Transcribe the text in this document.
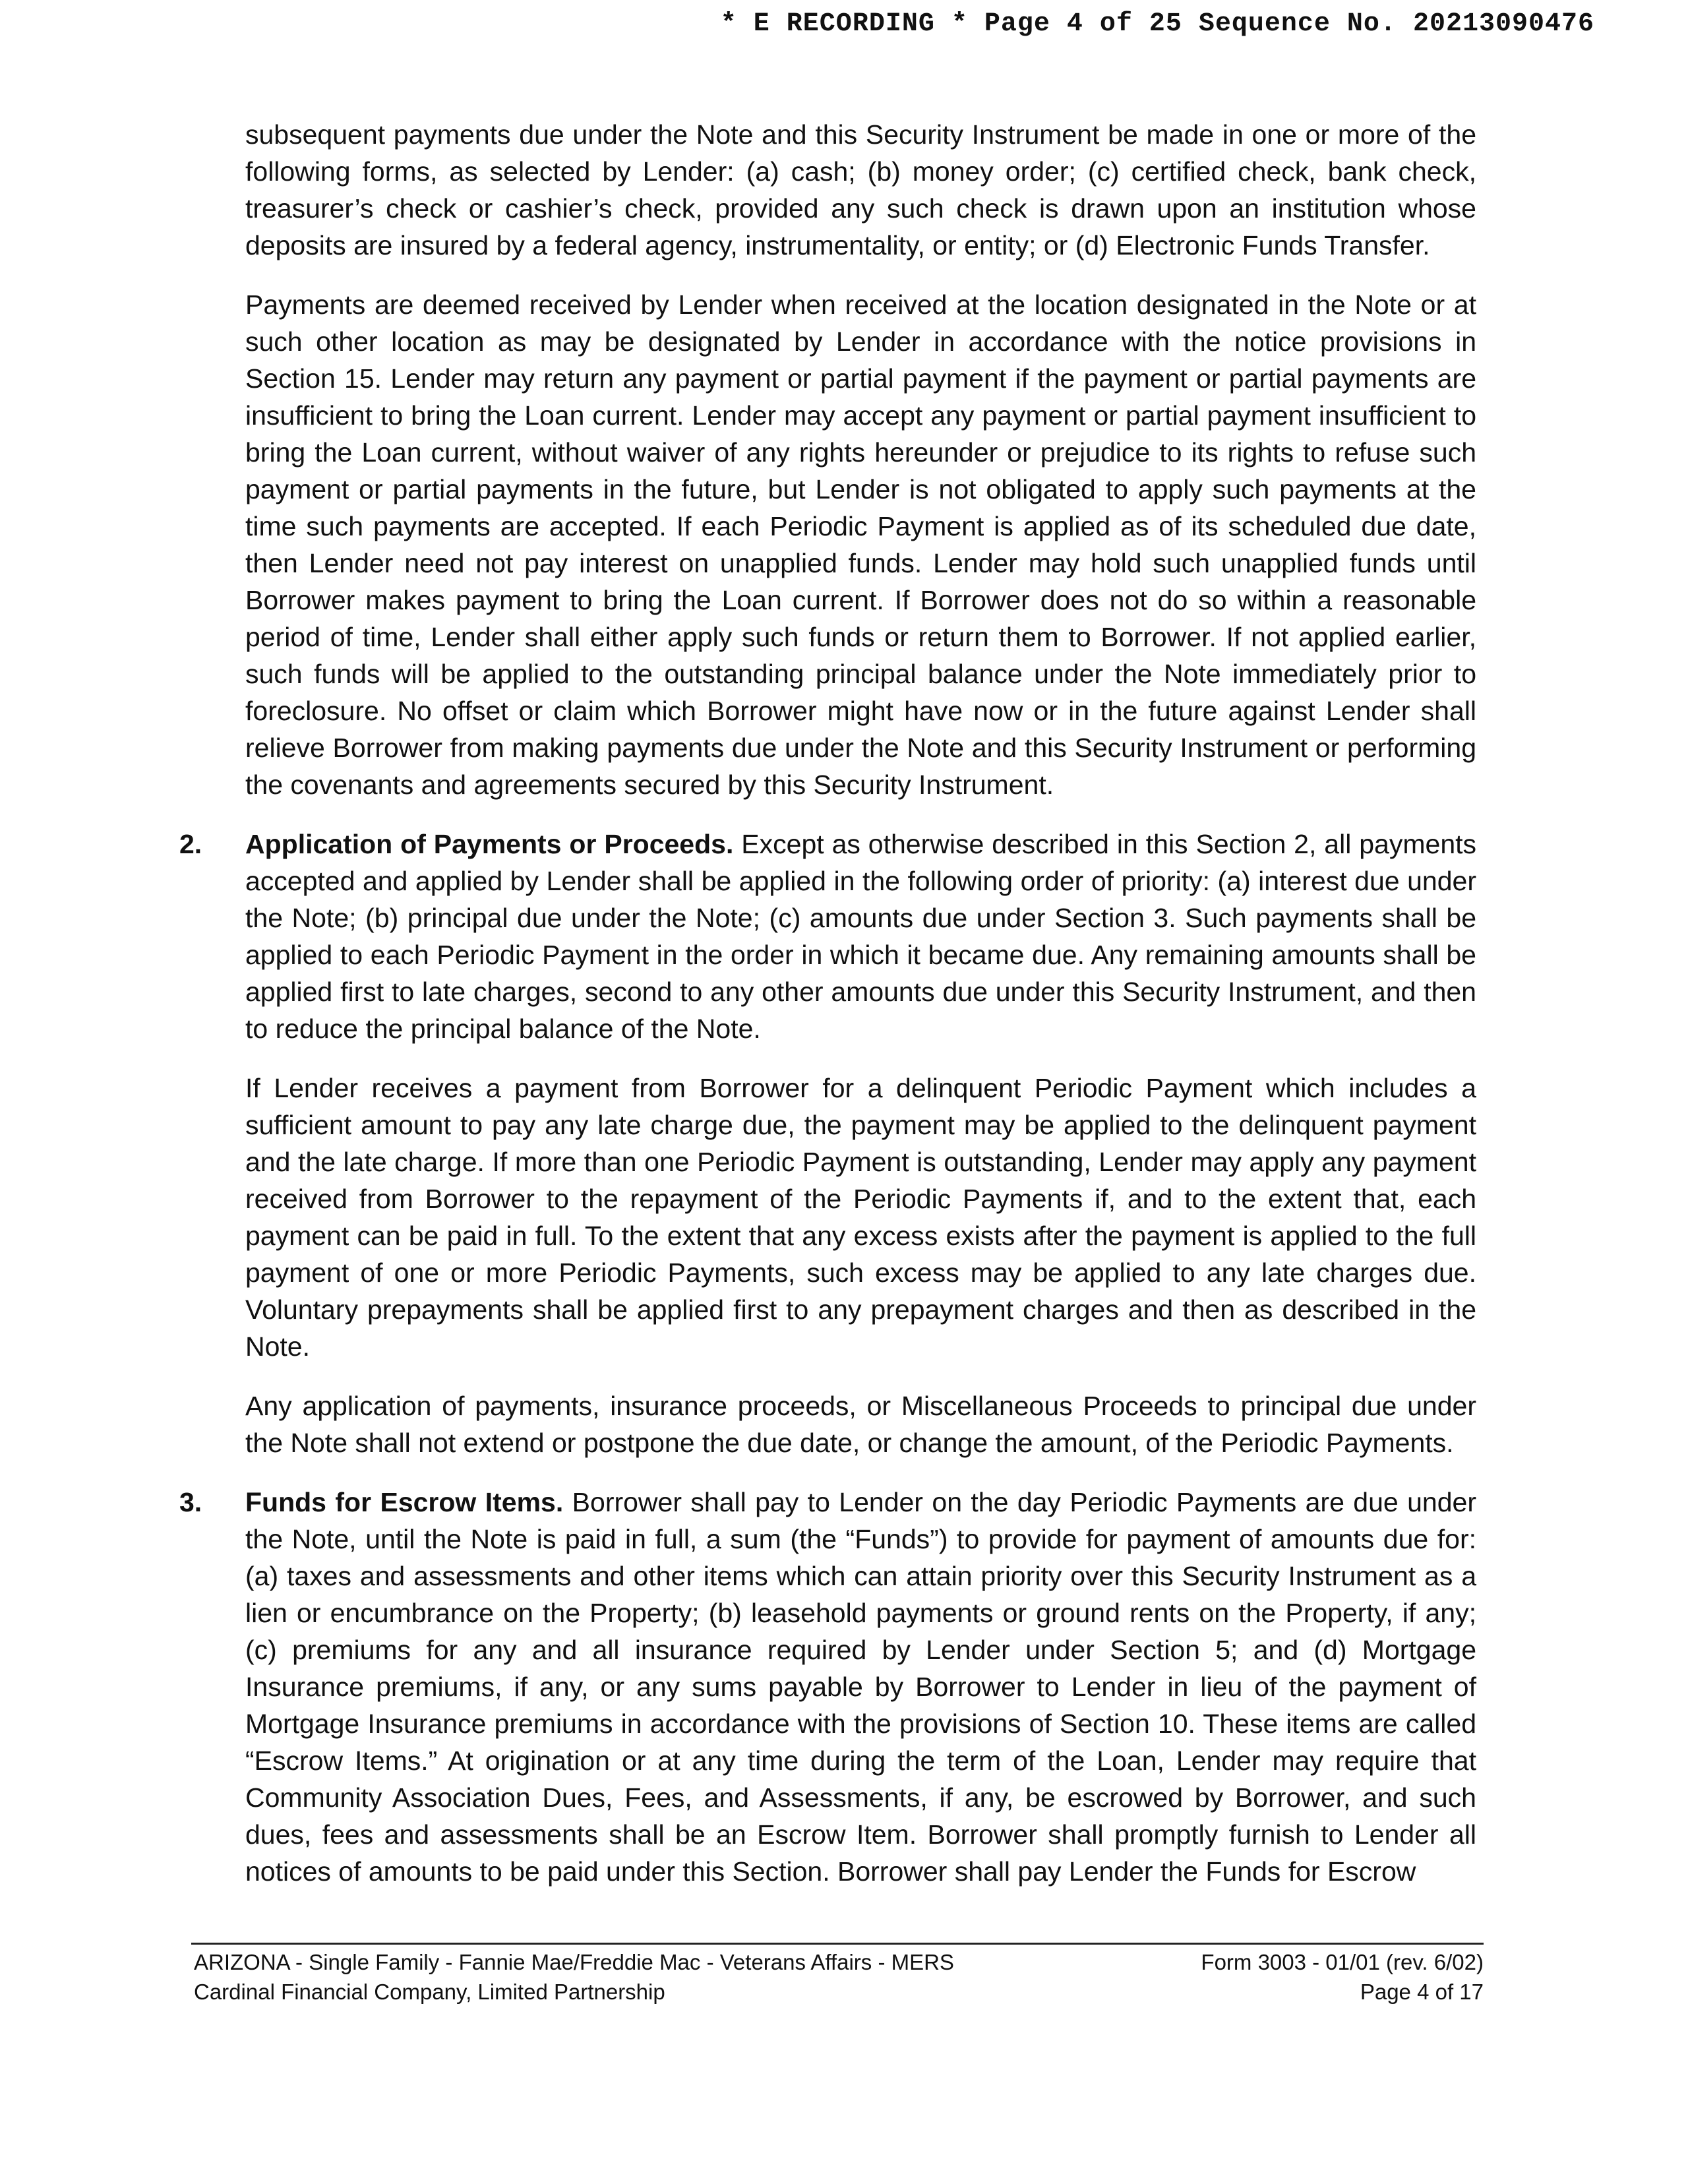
* E RECORDING * Page 4 of 25 Sequence No. 20213090476

subsequent payments due under the Note and this Security Instrument be made in one or more of the following forms, as selected by Lender: (a) cash; (b) money order; (c) certified check, bank check, treasurer’s check or cashier’s check, provided any such check is drawn upon an institution whose deposits are insured by a federal agency, instrumentality, or entity; or (d) Electronic Funds Transfer.

Payments are deemed received by Lender when received at the location designated in the Note or at such other location as may be designated by Lender in accordance with the notice provisions in Section 15. Lender may return any payment or partial payment if the payment or partial payments are insufficient to bring the Loan current. Lender may accept any payment or partial payment insufficient to bring the Loan current, without waiver of any rights hereunder or prejudice to its rights to refuse such payment or partial payments in the future, but Lender is not obligated to apply such payments at the time such payments are accepted. If each Periodic Payment is applied as of its scheduled due date, then Lender need not pay interest on unapplied funds. Lender may hold such unapplied funds until Borrower makes payment to bring the Loan current. If Borrower does not do so within a reasonable period of time, Lender shall either apply such funds or return them to Borrower. If not applied earlier, such funds will be applied to the outstanding principal balance under the Note immediately prior to foreclosure. No offset or claim which Borrower might have now or in the future against Lender shall relieve Borrower from making payments due under the Note and this Security Instrument or performing the covenants and agreements secured by this Security Instrument.

2. Application of Payments or Proceeds. Except as otherwise described in this Section 2, all payments accepted and applied by Lender shall be applied in the following order of priority: (a) interest due under the Note; (b) principal due under the Note; (c) amounts due under Section 3. Such payments shall be applied to each Periodic Payment in the order in which it became due. Any remaining amounts shall be applied first to late charges, second to any other amounts due under this Security Instrument, and then to reduce the principal balance of the Note.

If Lender receives a payment from Borrower for a delinquent Periodic Payment which includes a sufficient amount to pay any late charge due, the payment may be applied to the delinquent payment and the late charge. If more than one Periodic Payment is outstanding, Lender may apply any payment received from Borrower to the repayment of the Periodic Payments if, and to the extent that, each payment can be paid in full. To the extent that any excess exists after the payment is applied to the full payment of one or more Periodic Payments, such excess may be applied to any late charges due. Voluntary prepayments shall be applied first to any prepayment charges and then as described in the Note.

Any application of payments, insurance proceeds, or Miscellaneous Proceeds to principal due under the Note shall not extend or postpone the due date, or change the amount, of the Periodic Payments.

3. Funds for Escrow Items. Borrower shall pay to Lender on the day Periodic Payments are due under the Note, until the Note is paid in full, a sum (the “Funds”) to provide for payment of amounts due for: (a) taxes and assessments and other items which can attain priority over this Security Instrument as a lien or encumbrance on the Property; (b) leasehold payments or ground rents on the Property, if any; (c) premiums for any and all insurance required by Lender under Section 5; and (d) Mortgage Insurance premiums, if any, or any sums payable by Borrower to Lender in lieu of the payment of Mortgage Insurance premiums in accordance with the provisions of Section 10. These items are called “Escrow Items.” At origination or at any time during the term of the Loan, Lender may require that Community Association Dues, Fees, and Assessments, if any, be escrowed by Borrower, and such dues, fees and assessments shall be an Escrow Item. Borrower shall promptly furnish to Lender all notices of amounts to be paid under this Section. Borrower shall pay Lender the Funds for Escrow
ARIZONA - Single Family - Fannie Mae/Freddie Mac - Veterans Affairs - MERS
Cardinal Financial Company, Limited Partnership
Form 3003 - 01/01 (rev. 6/02)
Page 4 of 17
